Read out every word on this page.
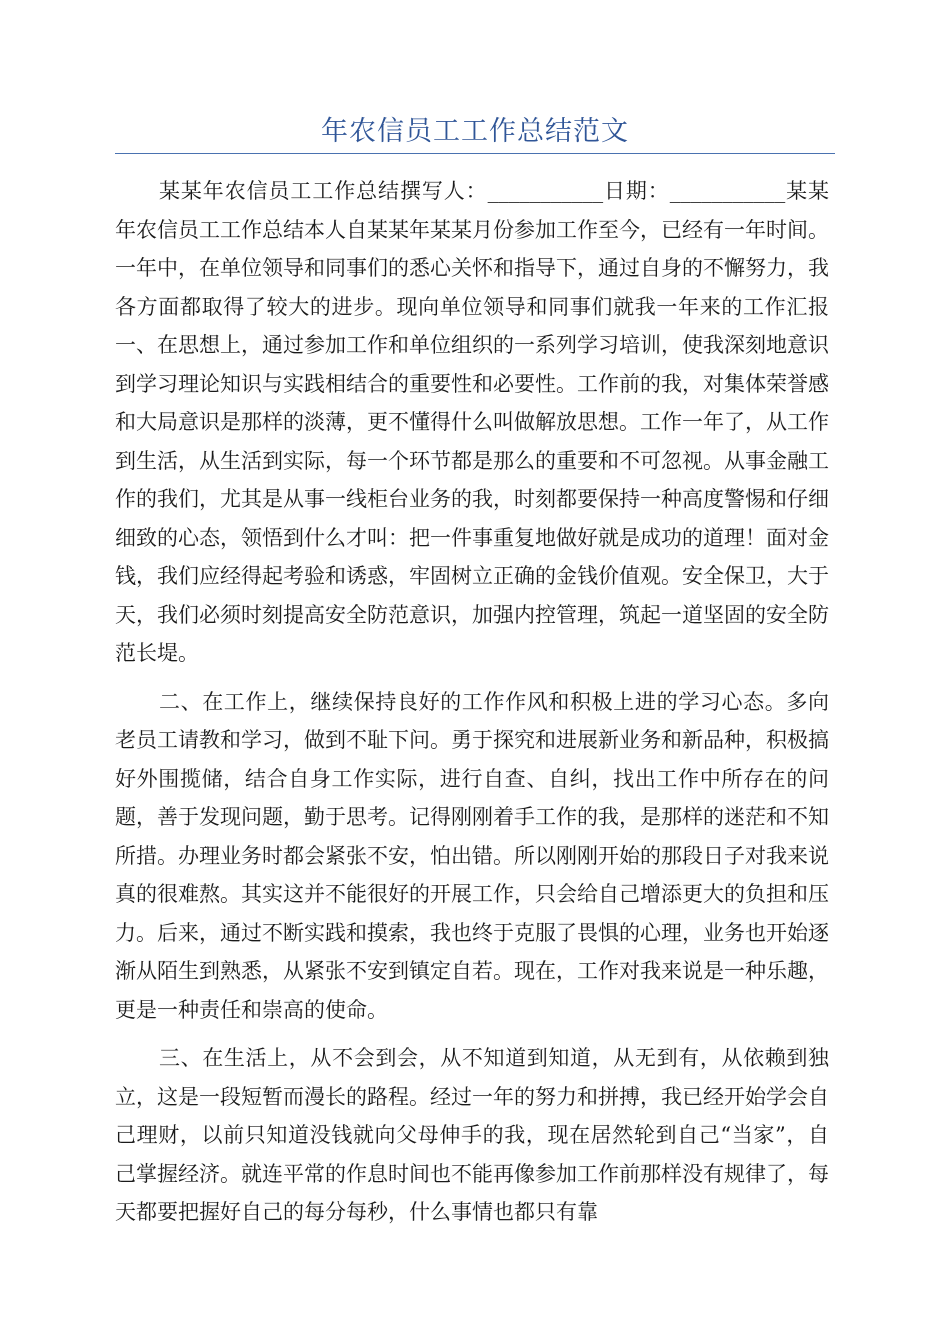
年农信员工工作总结范文

某某年农信员工工作总结撰写人：___________日期：___________某某年农信员工工作总结本人自某某年某某月份参加工作至今，已经有一年时间。一年中，在单位领导和同事们的悉心关怀和指导下，通过自身的不懈努力，我各方面都取得了较大的进步。现向单位领导和同事们就我一年来的工作汇报一、在思想上，通过参加工作和单位组织的一系列学习培训，使我深刻地意识到学习理论知识与实践相结合的重要性和必要性。工作前的我，对集体荣誉感和大局意识是那样的淡薄，更不懂得什么叫做解放思想。工作一年了，从工作到生活，从生活到实际，每一个环节都是那么的重要和不可忽视。从事金融工作的我们，尤其是从事一线柜台业务的我，时刻都要保持一种高度警惕和仔细细致的心态，领悟到什么才叫：把一件事重复地做好就是成功的道理！面对金钱，我们应经得起考验和诱惑，牢固树立正确的金钱价值观。安全保卫，大于天，我们必须时刻提高安全防范意识，加强内控管理，筑起一道坚固的安全防范长堤。

二、在工作上，继续保持良好的工作作风和积极上进的学习心态。多向老员工请教和学习，做到不耻下问。勇于探究和进展新业务和新品种，积极搞好外围揽储，结合自身工作实际，进行自查、自纠，找出工作中所存在的问题，善于发现问题，勤于思考。记得刚刚着手工作的我，是那样的迷茫和不知所措。办理业务时都会紧张不安，怕出错。所以刚刚开始的那段日子对我来说真的很难熬。其实这并不能很好的开展工作，只会给自己增添更大的负担和压力。后来，通过不断实践和摸索，我也终于克服了畏惧的心理，业务也开始逐渐从陌生到熟悉，从紧张不安到镇定自若。现在，工作对我来说是一种乐趣，更是一种责任和崇高的使命。

三、在生活上，从不会到会，从不知道到知道，从无到有，从依赖到独立，这是一段短暂而漫长的路程。经过一年的努力和拼搏，我已经开始学会自己理财，以前只知道没钱就向父母伸手的我，现在居然轮到自己“当家”，自己掌握经济。就连平常的作息时间也不能再像参加工作前那样没有规律了，每天都要把握好自己的每分每秒，什么事情也都只有靠
